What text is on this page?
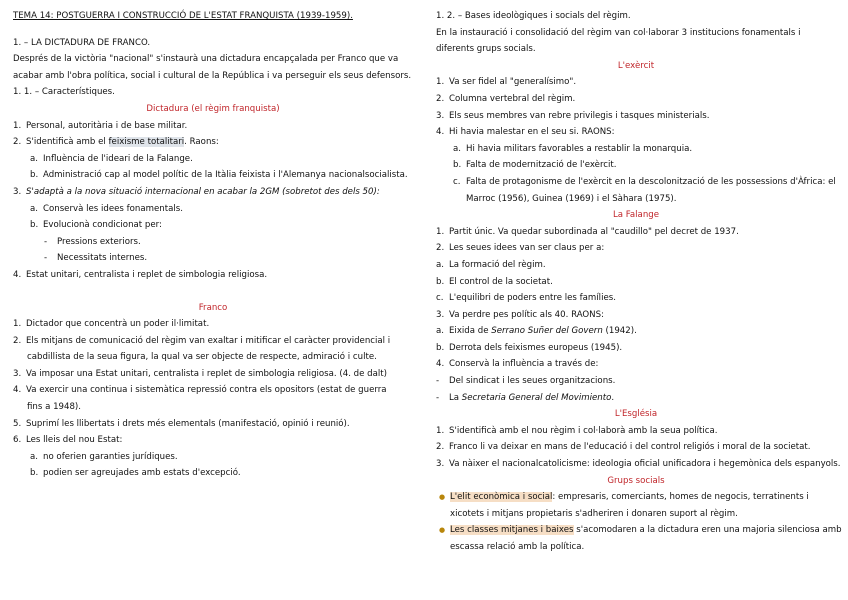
TEMA 14: POSTGUERRA I CONSTRUCCIÓ DE L'ESTAT FRANQUISTA (1939-1959).
1. – LA DICTADURA DE FRANCO.
Després de la victòria "nacional" s'instaurà una dictadura encapçalada per Franco que va
acabar amb l'obra política, social i cultural de la República i va perseguir els seus defensors.
1. 1. – Característiques.
Dictadura (el règim franquista)
1. Personal, autoritària i de base militar.
2. S'identificà amb el feixisme totalitari. Raons:
a. Influència de l'ideari de la Falange.
b. Administració cap al model polític de la Itàlia feixista i l'Alemanya nacionalsocialista.
3. S'adaptà a la nova situació internacional en acabar la 2GM (sobretot des dels 50):
a. Conservà les idees fonamentals.
b. Evolucionà condicionat per:
- Pressions exteriors.
- Necessitats internes.
4. Estat unitari, centralista i replet de simbologia religiosa.
Franco
1. Dictador que concentrà un poder il·limitat.
2. Els mitjans de comunicació del règim van exaltar i mitificar el caràcter providencial i
cabdillista de la seua figura, la qual va ser objecte de respecte, admiració i culte.
3. Va imposar una Estat unitari, centralista i replet de simbologia religiosa. (4. de dalt)
4. Va exercir una continua i sistemàtica repressió contra els opositors (estat de guerra
fins a 1948).
5. Suprimí les llibertats i drets més elementals (manifestació, opinió i reunió).
6. Les lleis del nou Estat:
a. no oferien garanties jurídiques.
b. podien ser agreujades amb estats d'excepció.
1. 2. – Bases ideològiques i socials del règim.
En la instauració i consolidació del règim van col·laborar 3 institucions fonamentals i
diferents grups socials.
L'exèrcit
1. Va ser fidel al "generalísimo".
2. Columna vertebral del règim.
3. Els seus membres van rebre privilegis i tasques ministerials.
4. Hi havia malestar en el seu si. RAONS:
a. Hi havia militars favorables a restablir la monarquia.
b. Falta de modernització de l'exèrcit.
c. Falta de protagonisme de l'exèrcit en la descolonització de les possessions d'Àfrica: el
Marroc (1956), Guinea (1969) i el Sàhara (1975).
La Falange
1. Partit únic. Va quedar subordinada al "caudillo" pel decret de 1937.
2. Les seues idees van ser claus per a:
a. La formació del règim.
b. El control de la societat.
c. L'equilibri de poders entre les famílies.
3. Va perdre pes polític als 40. RAONS:
a. Eixida de Serrano Suñer del Govern (1942).
b. Derrota dels feixismes europeus (1945).
4. Conservà la influència a través de:
- Del sindicat i les seues organitzacions.
- La Secretaria General del Movimiento.
L'Església
1. S'identificà amb el nou règim i col·laborà amb la seua política.
2. Franco li va deixar en mans de l'educació i del control religiós i moral de la societat.
3. Va nàixer el nacionalcatolicisme: ideologia oficial unificadora i hegemònica dels espanyols.
Grups socials
● L'elit econòmica i social: empresaris, comerciants, homes de negocis, terratinents i
xicotets i mitjans propietaris s'adheriren i donaren suport al règim.
● Les classes mitjanes i baixes s'acomodaren a la dictadura eren una majoria silenciosa amb
escassa relació amb la política.
